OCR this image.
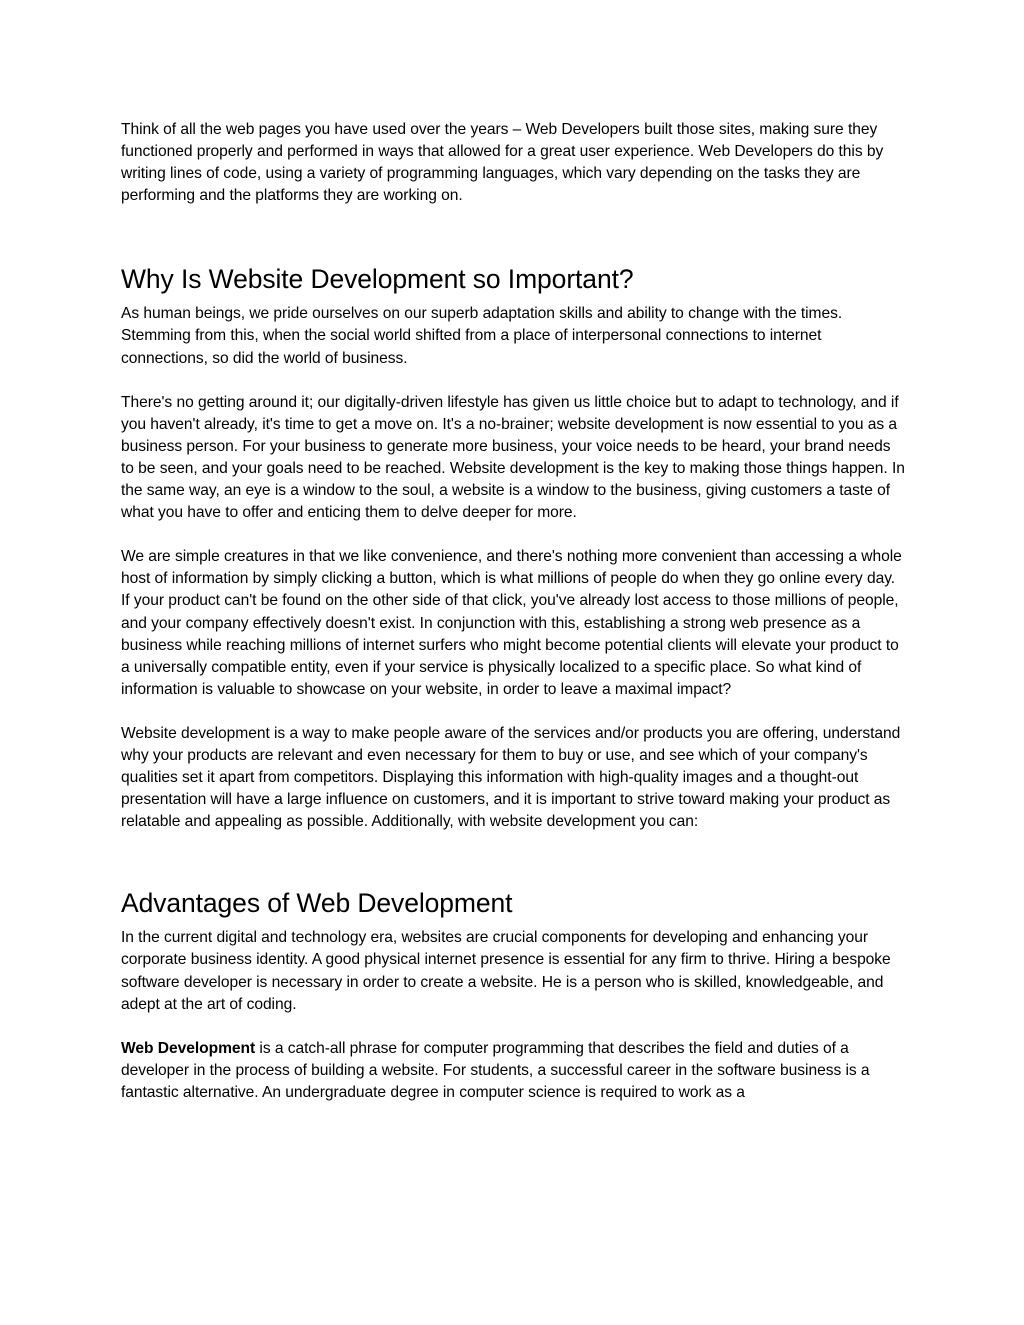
Think of all the web pages you have used over the years – Web Developers built those sites, making sure they functioned properly and performed in ways that allowed for a great user experience. Web Developers do this by writing lines of code, using a variety of programming languages, which vary depending on the tasks they are performing and the platforms they are working on.

Why Is Website Development so Important?

As human beings, we pride ourselves on our superb adaptation skills and ability to change with the times. Stemming from this, when the social world shifted from a place of interpersonal connections to internet connections, so did the world of business.

There's no getting around it; our digitally-driven lifestyle has given us little choice but to adapt to technology, and if you haven't already, it's time to get a move on. It's a no-brainer; website development is now essential to you as a business person. For your business to generate more business, your voice needs to be heard, your brand needs to be seen, and your goals need to be reached. Website development is the key to making those things happen. In the same way, an eye is a window to the soul, a website is a window to the business, giving customers a taste of what you have to offer and enticing them to delve deeper for more.

We are simple creatures in that we like convenience, and there's nothing more convenient than accessing a whole host of information by simply clicking a button, which is what millions of people do when they go online every day. If your product can't be found on the other side of that click, you've already lost access to those millions of people, and your company effectively doesn't exist. In conjunction with this, establishing a strong web presence as a business while reaching millions of internet surfers who might become potential clients will elevate your product to a universally compatible entity, even if your service is physically localized to a specific place. So what kind of information is valuable to showcase on your website, in order to leave a maximal impact?

Website development is a way to make people aware of the services and/or products you are offering, understand why your products are relevant and even necessary for them to buy or use, and see which of your company's qualities set it apart from competitors. Displaying this information with high-quality images and a thought-out presentation will have a large influence on customers, and it is important to strive toward making your product as relatable and appealing as possible. Additionally, with website development you can:

Advantages of Web Development

In the current digital and technology era, websites are crucial components for developing and enhancing your corporate business identity. A good physical internet presence is essential for any firm to thrive. Hiring a bespoke software developer is necessary in order to create a website. He is a person who is skilled, knowledgeable, and adept at the art of coding.

Web Development is a catch-all phrase for computer programming that describes the field and duties of a developer in the process of building a website. For students, a successful career in the software business is a fantastic alternative. An undergraduate degree in computer science is required to work as a
